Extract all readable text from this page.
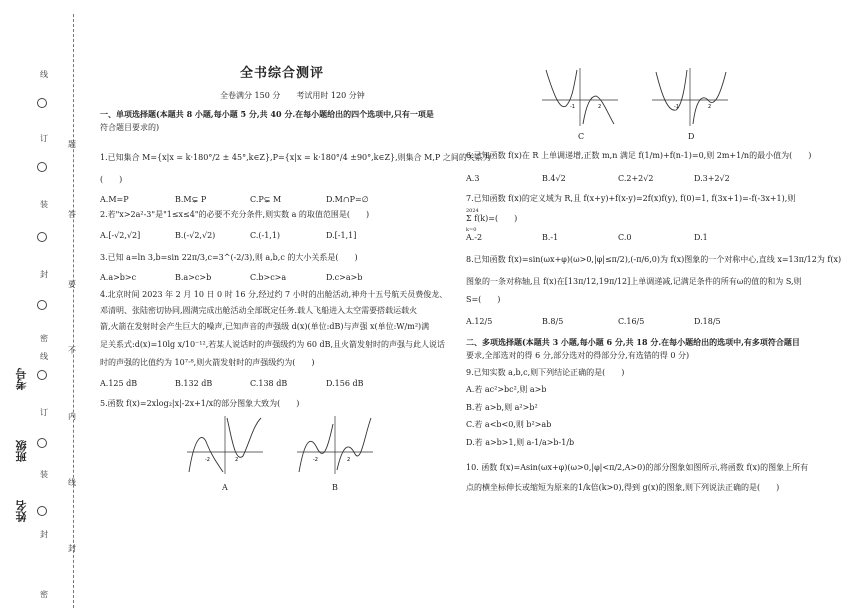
考号
班级
姓名
线
题
订
答
装
封
要
密
不
线
内
订
装
线
封
封
密
全书综合测评
全卷满分 150 分　　考试用时 120 分钟
一、单项选择题(本题共 8 小题,每小题 5 分,共 40 分.在每小题给出的四个选项中,只有一项是
符合题目要求的)
1.已知集合 M={x|x = k·180°/2 ± 45°,k∈Z},P={x|x = k·180°/4 ±90°,k∈Z},则集合 M,P 之间的关系为
(　　)
A.M=P	B.M⊊ P	C.P⊊ M	D.M∩P=∅
2.若"x>2a²-3"是"1≤x≤4"的必要不充分条件,则实数 a 的取值范围是(　　)
A.[-√2,√2]	B.(-√2,√2)	C.(-1,1)	D.[-1,1]
3.已知 a=ln 3,b=sin 22π/3,c=3^(-2/3),则 a,b,c 的大小关系是(　　)
A.a>b>c	B.a>c>b	C.b>c>a	D.c>a>b
4.北京时间 2023 年 2 月 10 日 0 时 16 分,经过约 7 小时的出舱活动,神舟十五号航天员费俊龙、
邓清明、张陆密切协同,圆满完成出舱活动全部既定任务.载人飞船进入太空需要搭载运载火
箭,火箭在发射时会产生巨大的噪声,已知声音的声强级 d(x)(单位:dB)与声强 x(单位:W/m²)满
足关系式:d(x)=10lg x/10⁻¹²,若某人说话时的声强级约为 60 dB,且火箭发射时的声强与此人说话
时的声强的比值约为 10⁷·⁸,则火箭发射时的声强级约为(　　)
A.125 dB	B.132 dB	C.138 dB	D.156 dB
5.函数 f(x)=2xlog₂|x|-2x+1/x的部分图象大致为(　　)
2
-2
A
2
-2
B
-1	2
C
-1	2
D
6.已知函数 f(x)在 R 上单调递增,正数 m,n 满足 f(1/m)+f(n-1)=0,则 2m+1/n的最小值为(　　)
A.3	B.4√2	C.2+2√2	D.3+2√2
7.已知函数 f(x)的定义域为 R,且 f(x+y)+f(x-y)=2f(x)f(y), f(0)=1, f(3x+1)=-f(-3x+1),则
2024
Σ f(k)=(　　)
k=0
A.-2	B.-1	C.0	D.1
8.已知函数 f(x)=sin(ωx+φ)(ω>0,|φ|≤π/2),(-π/6,0)为 f(x)图象的一个对称中心,直线 x=13π/12为 f(x)
图象的一条对称轴,且 f(x)在[13π/12,19π/12]上单调递减,记满足条件的所有ω的值的和为 S,则
S=(　　)
A.12/5	B.8/5	C.16/5	D.18/5
二、多项选择题(本题共 3 小题,每小题 6 分,共 18 分.在每小题给出的选项中,有多项符合题目
要求,全部选对的得 6 分,部分选对的得部分分,有选错的得 0 分)
9.已知实数 a,b,c,则下列结论正确的是(　　)
A.若 ac²>bc²,则 a>b
B.若 a>b,则 a²>b²
C.若 a<b<0,则 b²>ab
D.若 a>b>1,则 a-1/a>b-1/b
10. 函数 f(x)=Asin(ωx+φ)(ω>0,|φ|<π/2,A>0)的部分图象如图所示,将函数 f(x)的图象上所有
点的横坐标伸长或缩短为原来的1/k倍(k>0),得到 g(x)的图象,则下列说法正确的是(　　)
